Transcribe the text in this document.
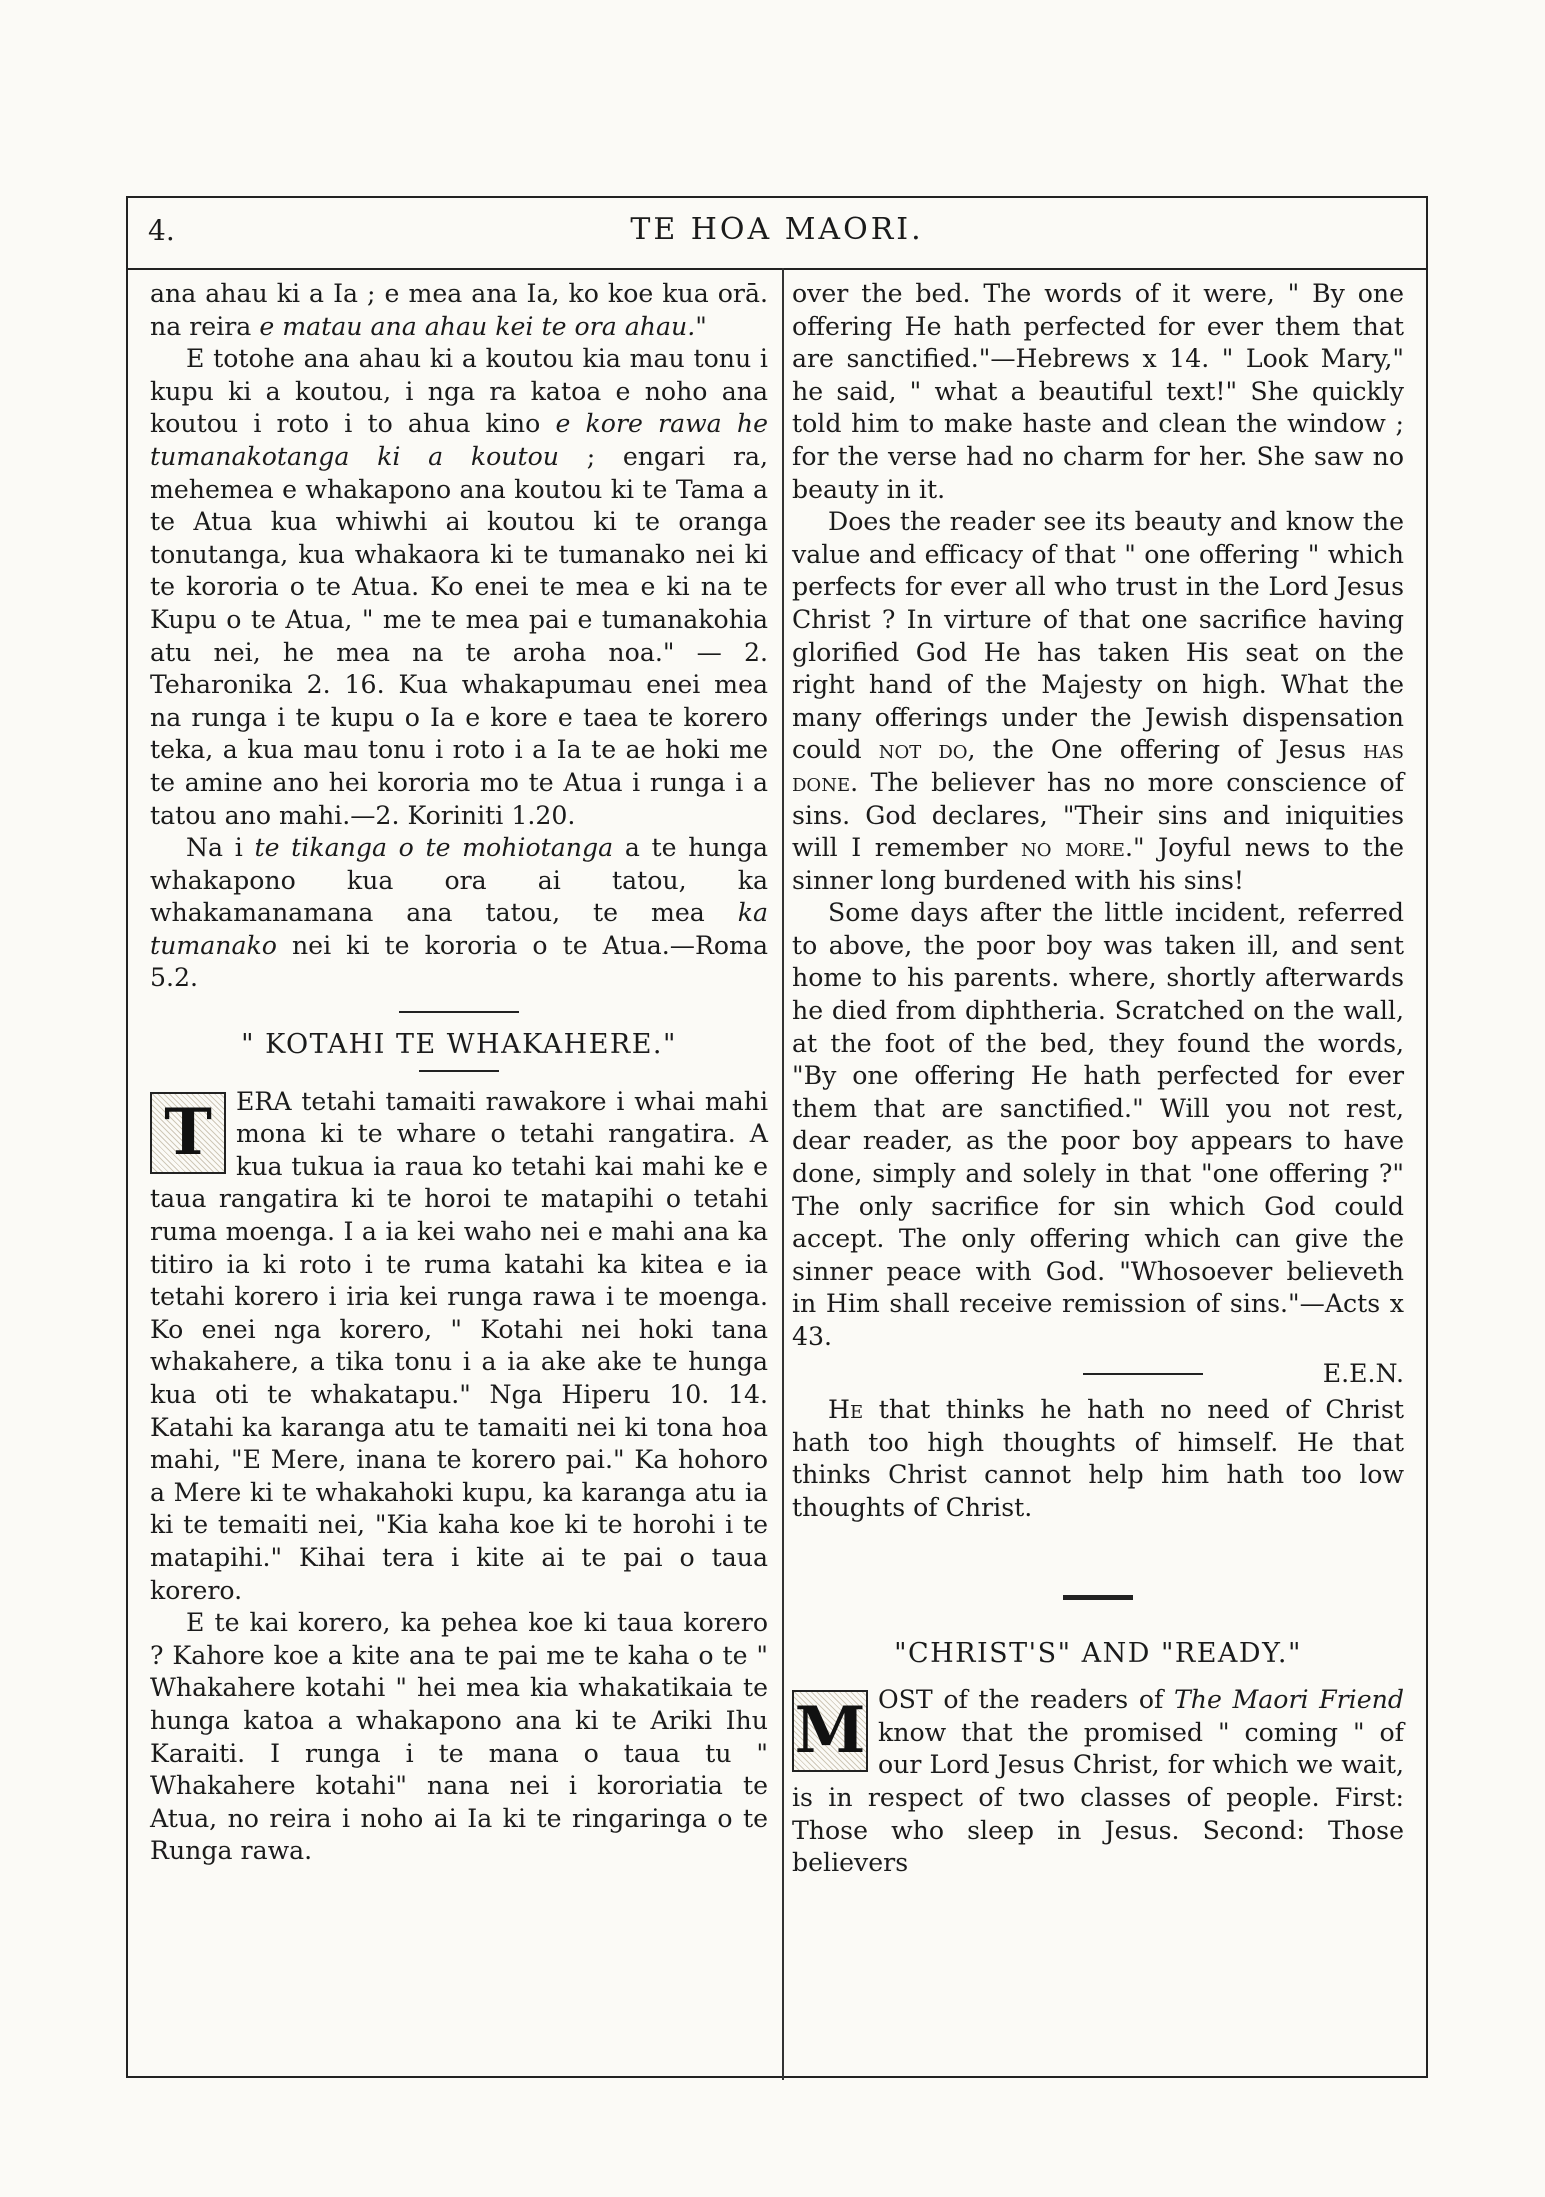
4.	TE HOA MAORI.

ana ahau ki a Ia ; e mea ana Ia, ko koe kua orā. na reira e matau ana ahau kei te ora ahau."

E totohe ana ahau ki a koutou kia mau tonu i kupu ki a koutou, i nga ra katoa e noho ana koutou i roto i to ahua kino e kore rawa he tumanakotanga ki a koutou ; engari ra, mehemea e whakapono ana koutou ki te Tama a te Atua kua whiwhi ai koutou ki te oranga tonutanga, kua whakaora ki te tumanako nei ki te kororia o te Atua. Ko enei te mea e ki na te Kupu o te Atua, " me te mea pai e tumanakohia atu nei, he mea na te aroha noa." — 2. Teharonika 2. 16. Kua whakapumau enei mea na runga i te kupu o Ia e kore e taea te korero teka, a kua mau tonu i roto i a Ia te ae hoki me te amine ano hei kororia mo te Atua i runga i a tatou ano mahi.—2. Koriniti 1.20.

Na i te tikanga o te mohiotanga a te hunga whakapono kua ora ai tatou, ka whakamanamana ana tatou, te mea ka tumanako nei ki te kororia o te Atua.—Roma 5.2.

" KOTAHI TE WHAKAHERE."

T ERA tetahi tamaiti rawakore i whai mahi mona ki te whare o tetahi rangatira. A kua tukua ia raua ko tetahi kai mahi ke e taua rangatira ki te horoi te matapihi o tetahi ruma moenga. I a ia kei waho nei e mahi ana ka titiro ia ki roto i te ruma katahi ka kitea e ia tetahi korero i iria kei runga rawa i te moenga. Ko enei nga korero, " Kotahi nei hoki tana whakahere, a tika tonu i a ia ake ake te hunga kua oti te whakatapu." Nga Hiperu 10. 14. Katahi ka karanga atu te tamaiti nei ki tona hoa mahi, "E Mere, inana te korero pai." Ka hohoro a Mere ki te whakahoki kupu, ka karanga atu ia ki te temaiti nei, "Kia kaha koe ki te horohi i te matapihi." Kihai tera i kite ai te pai o taua korero.

E te kai korero, ka pehea koe ki taua korero ? Kahore koe a kite ana te pai me te kaha o te " Whakahere kotahi " hei mea kia whakatikaia te hunga katoa a whakapono ana ki te Ariki Ihu Karaiti. I runga i te mana o taua tu " Whakahere kotahi" nana nei i kororiatia te Atua, no reira i noho ai Ia ki te ringaringa o te Runga rawa.

over the bed. The words of it were, " By one offering He hath perfected for ever them that are sanctified."—Hebrews x 14. " Look Mary," he said, " what a beautiful text!" She quickly told him to make haste and clean the window ; for the verse had no charm for her. She saw no beauty in it.

Does the reader see its beauty and know the value and efficacy of that " one offering " which perfects for ever all who trust in the Lord Jesus Christ ? In virture of that one sacrifice having glorified God He has taken His seat on the right hand of the Majesty on high. What the many offerings under the Jewish dispensation could not do, the One offering of Jesus has done. The believer has no more conscience of sins. God declares, "Their sins and iniquities will I remember no more." Joyful news to the sinner long burdened with his sins!

Some days after the little incident, referred to above, the poor boy was taken ill, and sent home to his parents. where, shortly afterwards he died from diphtheria. Scratched on the wall, at the foot of the bed, they found the words, "By one offering He hath perfected for ever them that are sanctified." Will you not rest, dear reader, as the poor boy appears to have done, simply and solely in that "one offering ?" The only sacrifice for sin which God could accept. The only offering which can give the sinner peace with God. "Whosoever believeth in Him shall receive remission of sins."—Acts x 43.

E.E.N.

He that thinks he hath no need of Christ hath too high thoughts of himself. He that thinks Christ cannot help him hath too low thoughts of Christ.

"CHRIST'S" AND "READY."

M OST of the readers of The Maori Friend know that the promised " coming " of our Lord Jesus Christ, for which we wait, is in respect of two classes of people. First: Those who sleep in Jesus. Second: Those believers
